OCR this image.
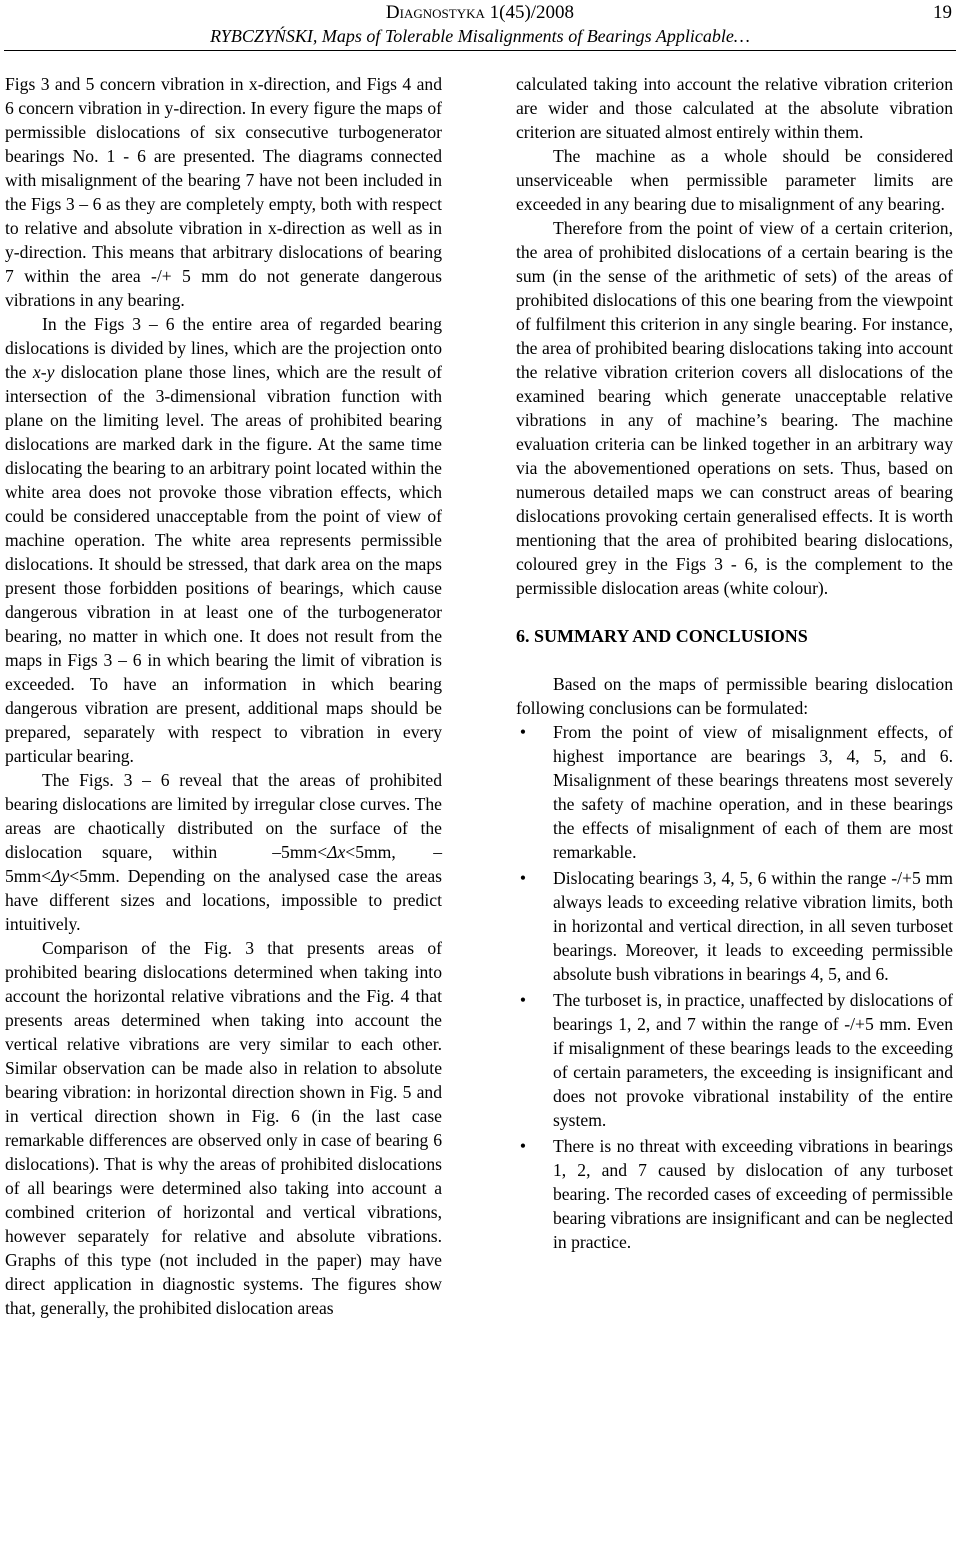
Diagnostyka 1(45)/2008	19
RYBCZYŃSKI, Maps of Tolerable Misalignments of Bearings Applicable…

Figs 3 and 5 concern vibration in x-direction, and Figs 4 and 6 concern vibration in y-direction. In every figure the maps of permissible dislocations of six consecutive turbogenerator bearings No. 1 - 6 are presented. The diagrams connected with misalignment of the bearing 7 have not been included in the Figs 3 – 6 as they are completely empty, both with respect to relative and absolute vibration in x-direction as well as in y-direction. This means that arbitrary dislocations of bearing 7 within the area -/+ 5 mm do not generate dangerous vibrations in any bearing.

In the Figs 3 – 6 the entire area of regarded bearing dislocations is divided by lines, which are the projection onto the x-y dislocation plane those lines, which are the result of intersection of the 3-dimensional vibration function with plane on the limiting level. The areas of prohibited bearing dislocations are marked dark in the figure. At the same time dislocating the bearing to an arbitrary point located within the white area does not provoke those vibration effects, which could be considered unacceptable from the point of view of machine operation. The white area represents permissible dislocations. It should be stressed, that dark area on the maps present those forbidden positions of bearings, which cause dangerous vibration in at least one of the turbogenerator bearing, no matter in which one. It does not result from the maps in Figs 3 – 6 in which bearing the limit of vibration is exceeded. To have an information in which bearing dangerous vibration are present, additional maps should be prepared, separately with respect to vibration in every particular bearing.

The Figs. 3 – 6 reveal that the areas of prohibited bearing dislocations are limited by irregular close curves. The areas are chaotically distributed on the surface of the dislocation square, within   –5mm<Δx<5mm,  –5mm<Δy<5mm. Depending on the analysed case the areas have different sizes and locations, impossible to predict intuitively.

Comparison of the Fig. 3 that presents areas of prohibited bearing dislocations determined when taking into account the horizontal relative vibrations and the Fig. 4 that presents areas determined when taking into account the vertical relative vibrations are very similar to each other. Similar observation can be made also in relation to absolute bearing vibration: in horizontal direction shown in Fig. 5 and in vertical direction shown in Fig. 6 (in the last case remarkable differences are observed only in case of bearing 6 dislocations). That is why the areas of prohibited dislocations of all bearings were determined also taking into account a combined criterion of horizontal and vertical vibrations, however separately for relative and absolute vibrations. Graphs of this type (not included in the paper) may have direct application in diagnostic systems. The figures show that, generally, the prohibited dislocation areas

calculated taking into account the relative vibration criterion are wider and those calculated at the absolute vibration criterion are situated almost entirely within them.

The machine as a whole should be considered unserviceable when permissible parameter limits are exceeded in any bearing due to misalignment of any bearing.

Therefore from the point of view of a certain criterion, the area of prohibited dislocations of a certain bearing is the sum (in the sense of the arithmetic of sets) of the areas of prohibited dislocations of this one bearing from the viewpoint of fulfilment this criterion in any single bearing. For instance, the area of prohibited bearing dislocations taking into account the relative vibration criterion covers all dislocations of the examined bearing which generate unacceptable relative vibrations in any of machine’s bearing. The machine evaluation criteria can be linked together in an arbitrary way via the abovementioned operations on sets. Thus, based on numerous detailed maps we can construct areas of bearing dislocations provoking certain generalised effects. It is worth mentioning that the area of prohibited bearing dislocations, coloured grey in the Figs 3 - 6, is the complement to the permissible dislocation areas (white colour).

6. SUMMARY AND CONCLUSIONS

Based on the maps of permissible bearing dislocation following conclusions can be formulated:

• From the point of view of misalignment effects, of highest importance are bearings 3, 4, 5, and 6. Misalignment of these bearings threatens most severely the safety of machine operation, and in these bearings the effects of misalignment of each of them are most remarkable.
• Dislocating bearings 3, 4, 5, 6 within the range -/+5 mm always leads to exceeding relative vibration limits, both in horizontal and vertical direction, in all seven turboset bearings. Moreover, it leads to exceeding permissible absolute bush vibrations in bearings 4, 5, and 6.
• The turboset is, in practice, unaffected by dislocations of bearings 1, 2, and 7 within the range of -/+5 mm. Even if misalignment of these bearings leads to the exceeding of certain parameters, the exceeding is insignificant and does not provoke vibrational instability of the entire system.
• There is no threat with exceeding vibrations in bearings 1, 2, and 7 caused by dislocation of any turboset bearing. The recorded cases of exceeding of permissible bearing vibrations are insignificant and can be neglected in practice.
